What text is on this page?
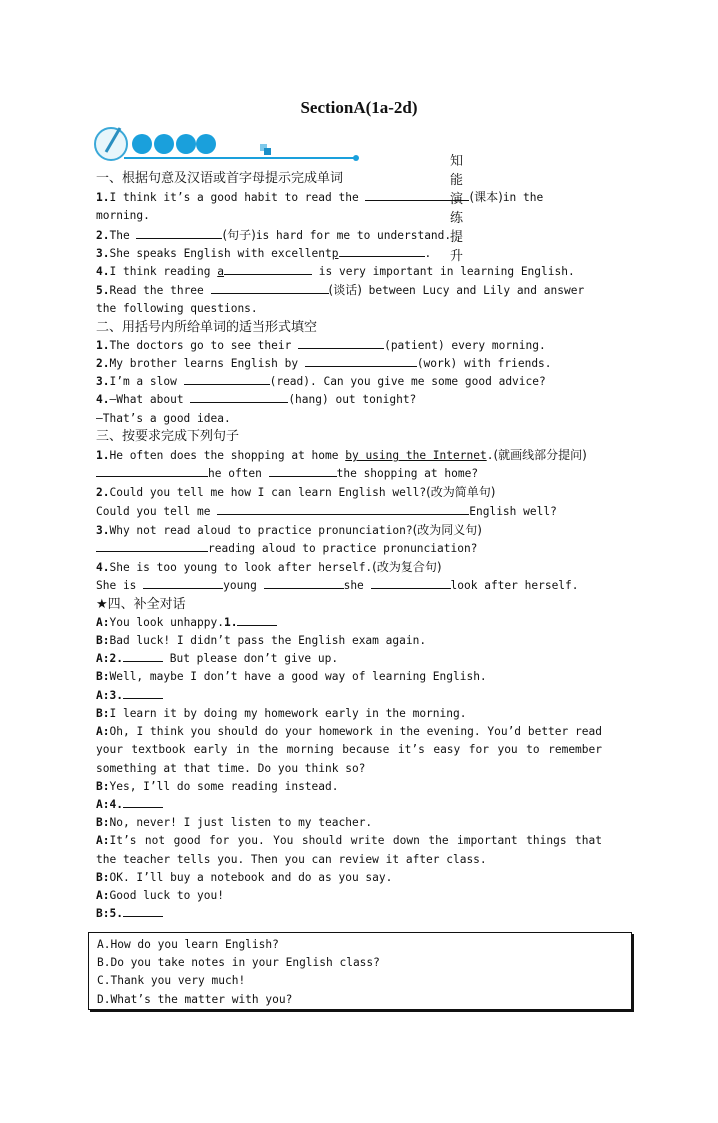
SectionA(1a-2d)
知能演练提升
一、根据句意及汉语或首字母提示完成单词
1.I think it’s a good habit to read the	(课本)in the
morning.
2.The	(句子)is hard for me to understand.
3.She speaks English with excellentp	.
4.I think reading a	is very important in learning English.
5.Read the three	(谈话) between Lucy and Lily and answer
the following questions.
二、用括号内所给单词的适当形式填空
1.The doctors go to see their	(patient) every morning.
2.My brother learns English by	(work) with friends.
3.I’m a slow	(read). Can you give me some good advice?
4.—What about	(hang) out tonight?
—That’s a good idea.
三、按要求完成下列句子
1.He often does the shopping at home by using the Internet.(就画线部分提问)
he often	the shopping at home?
2.Could you tell me how I can learn English well?(改为简单句)
Could you tell me	English well?
3.Why not read aloud to practice pronunciation?(改为同义句)
reading aloud to practice pronunciation?
4.She is too young to look after herself.(改为复合句)
She is	young	she	look after herself.
★四、补全对话
A:You look unhappy.1.
B:Bad luck! I didn’t pass the English exam again.
A:2.	But please don’t give up.
B:Well, maybe I don’t have a good way of learning English.
A:3.
B:I learn it by doing my homework early in the morning.
A:Oh, I think you should do your homework in the evening. You’d better read your textbook early in the morning because it’s easy for you to remember something at that time. Do you think so?
B:Yes, I’ll do some reading instead.
A:4.
B:No, never! I just listen to my teacher.
A:It’s not good for you. You should write down the important things that the teacher tells you. Then you can review it after class.
B:OK. I’ll buy a notebook and do as you say.
A:Good luck to you!
B:5.
A.How do you learn English?
B.Do you take notes in your English class?
C.Thank you very much!
D.What’s the matter with you?
